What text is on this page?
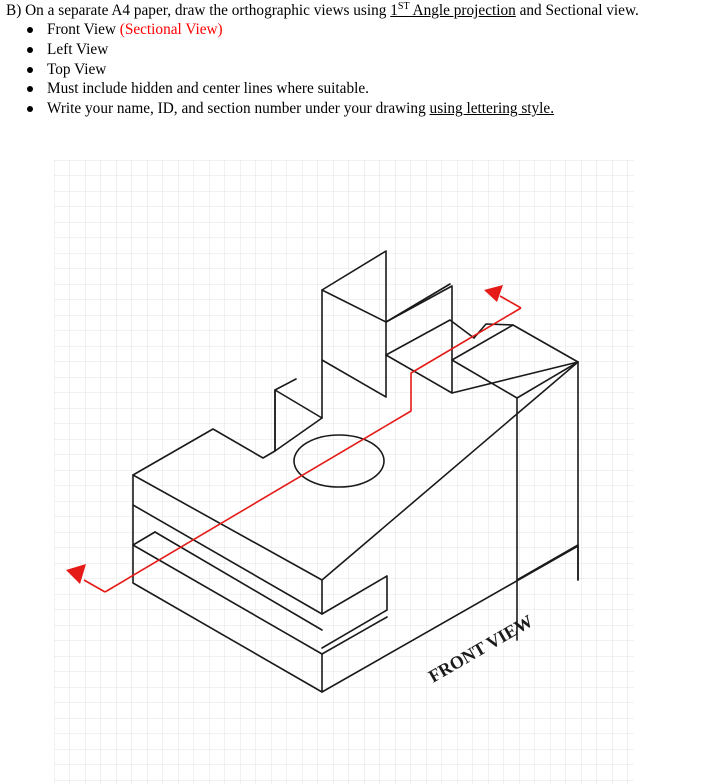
B) On a separate A4 paper, draw the orthographic views using 1ST Angle projection and Sectional view.

Front View (Sectional View)
Left View
Top View
Must include hidden and center lines where suitable.
Write your name, ID, and section number under your drawing using lettering style.
FRONT VIEW
